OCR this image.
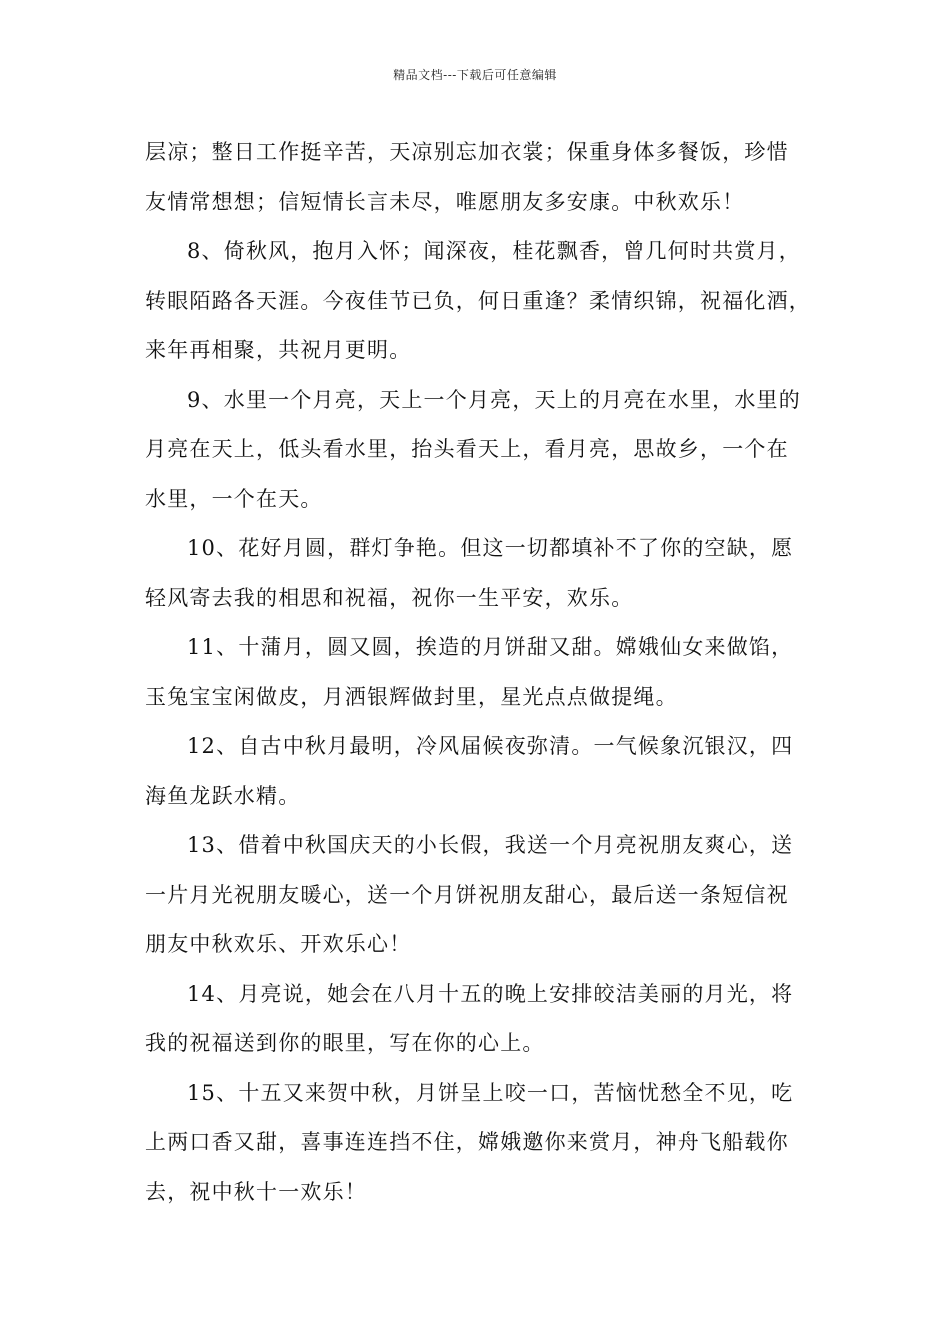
精品文档---下载后可任意编辑
层凉；整日工作挺辛苦，天凉别忘加衣裳；保重身体多餐饭，珍惜
友情常想想；信短情长言未尽，唯愿朋友多安康。中秋欢乐！
8、倚秋风，抱月入怀；闻深夜，桂花飘香，曾几何时共赏月，
转眼陌路各天涯。今夜佳节已负，何日重逢？柔情织锦，祝福化酒，
来年再相聚，共祝月更明。
9、水里一个月亮，天上一个月亮，天上的月亮在水里，水里的
月亮在天上，低头看水里，抬头看天上，看月亮，思故乡，一个在
水里，一个在天。
10、花好月圆，群灯争艳。但这一切都填补不了你的空缺，愿
轻风寄去我的相思和祝福，祝你一生平安，欢乐。
11、十蒲月，圆又圆，挨造的月饼甜又甜。嫦娥仙女来做馅，
玉兔宝宝闲做皮，月洒银辉做封里，星光点点做提绳。
12、自古中秋月最明，冷风届候夜弥清。一气候象沉银汉，四
海鱼龙跃水精。
13、借着中秋国庆天的小长假，我送一个月亮祝朋友爽心，送
一片月光祝朋友暖心，送一个月饼祝朋友甜心，最后送一条短信祝
朋友中秋欢乐、开欢乐心！
14、月亮说，她会在八月十五的晚上安排皎洁美丽的月光，将
我的祝福送到你的眼里，写在你的心上。
15、十五又来贺中秋，月饼呈上咬一口，苦恼忧愁全不见，吃
上两口香又甜，喜事连连挡不住，嫦娥邀你来赏月，神舟飞船载你
去，祝中秋十一欢乐！
